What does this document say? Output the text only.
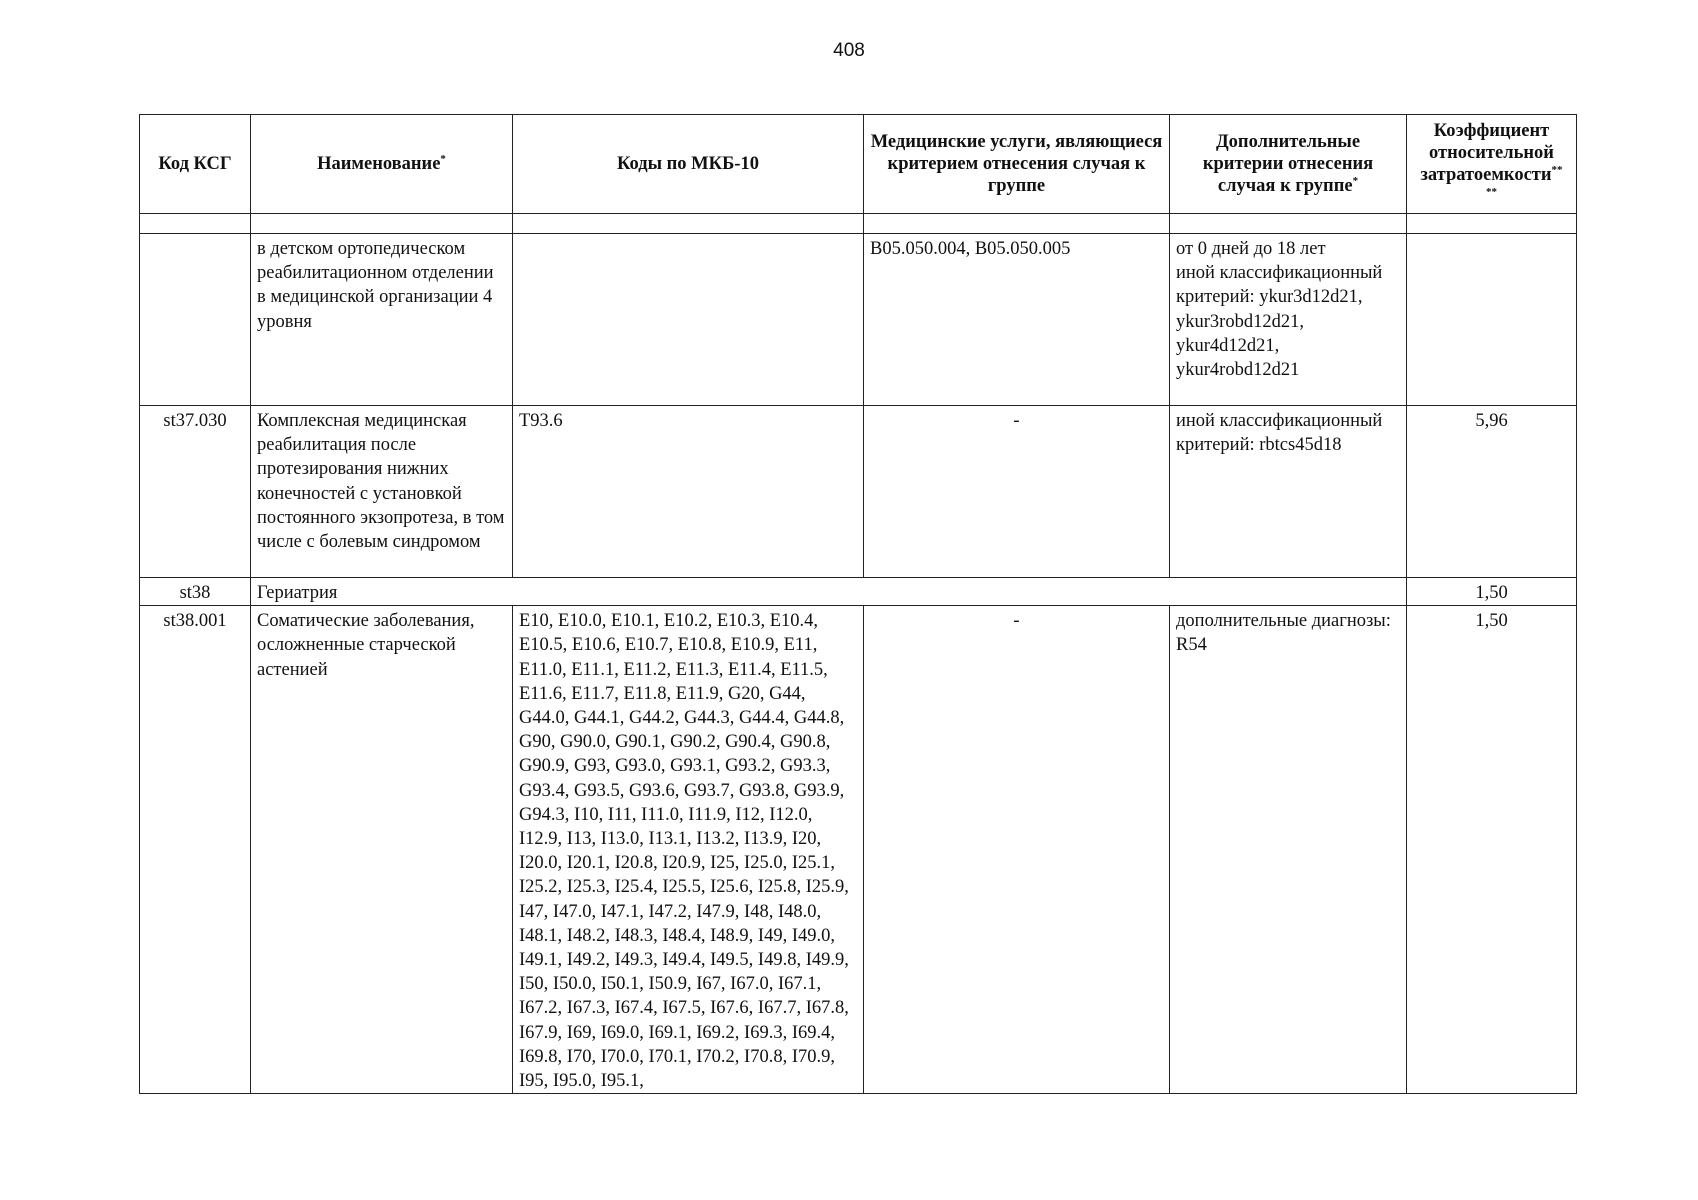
408
Код КСГ	Наименование*	Коды по МКБ-10	Медицинские услуги, являющиеся критерием отнесения случая к группе	Дополнительные критерии отнесения случая к группе*	Коэффициент относительной затратоемкости**
**

	в детском ортопедическом реабилитационном отделении в медицинской организации 4 уровня		B05.050.004, B05.050.005	от 0 дней до 18 лет
иной классификационный критерий: ykur3d12d21, ykur3robd12d21, ykur4d12d21, ykur4robd12d21	
st37.030	Комплексная медицинская реабилитация после протезирования нижних конечностей с установкой постоянного экзопротеза, в том числе с болевым синдромом	T93.6	-	иной классификационный критерий: rbtcs45d18	5,96
st38	Гериатрия				1,50
st38.001	Соматические заболевания, осложненные старческой астенией	E10, E10.0, E10.1, E10.2, E10.3, E10.4, E10.5, E10.6, E10.7, E10.8, E10.9, E11, E11.0, E11.1, E11.2, E11.3, E11.4, E11.5, E11.6, E11.7, E11.8, E11.9, G20, G44, G44.0, G44.1, G44.2, G44.3, G44.4, G44.8, G90, G90.0, G90.1, G90.2, G90.4, G90.8, G90.9, G93, G93.0, G93.1, G93.2, G93.3, G93.4, G93.5, G93.6, G93.7, G93.8, G93.9, G94.3, I10, I11, I11.0, I11.9, I12, I12.0, I12.9, I13, I13.0, I13.1, I13.2, I13.9, I20, I20.0, I20.1, I20.8, I20.9, I25, I25.0, I25.1, I25.2, I25.3, I25.4, I25.5, I25.6, I25.8, I25.9, I47, I47.0, I47.1, I47.2, I47.9, I48, I48.0, I48.1, I48.2, I48.3, I48.4, I48.9, I49, I49.0, I49.1, I49.2, I49.3, I49.4, I49.5, I49.8, I49.9, I50, I50.0, I50.1, I50.9, I67, I67.0, I67.1, I67.2, I67.3, I67.4, I67.5, I67.6, I67.7, I67.8, I67.9, I69, I69.0, I69.1, I69.2, I69.3, I69.4, I69.8, I70, I70.0, I70.1, I70.2, I70.8, I70.9, I95, I95.0, I95.1,	-	дополнительные диагнозы: R54	1,50
